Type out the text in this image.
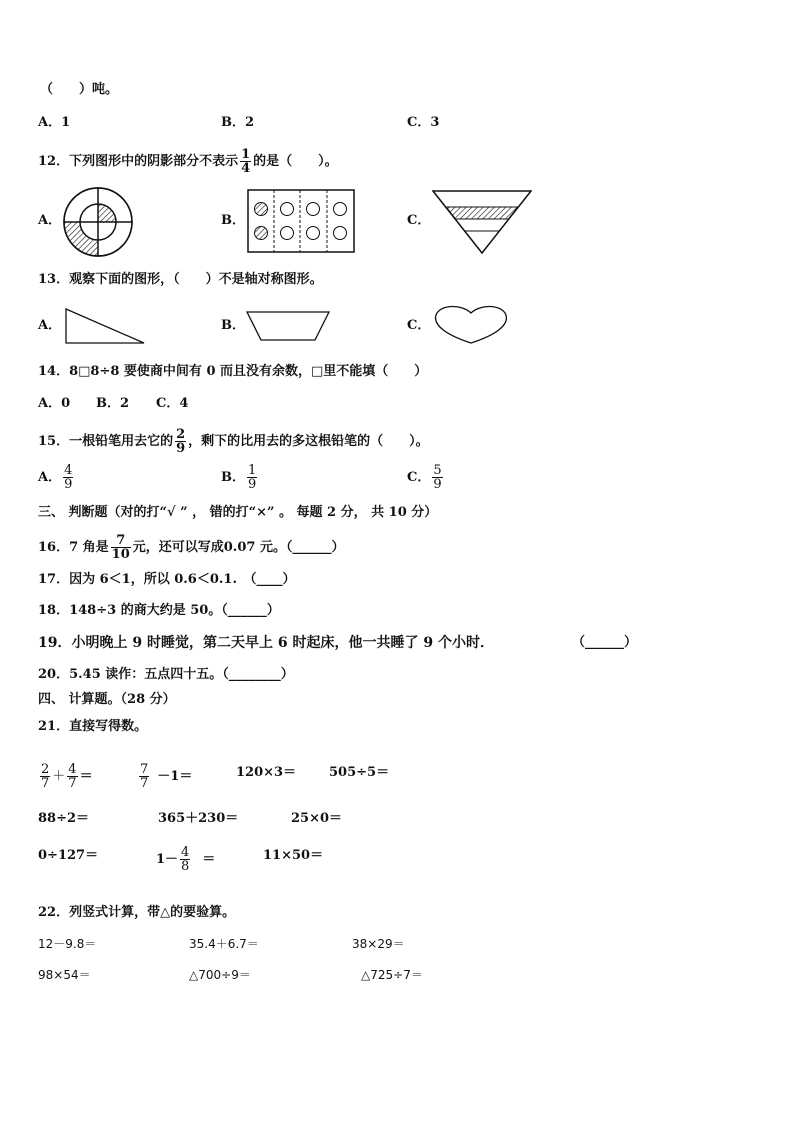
（　　）吨。
A．1	B．2	C．3
12．下列图形中的阴影部分不表示 $\frac{1}{4}$ 的是（　　）。
A．	B．	C．
13．观察下面的图形，（　　）不是轴对称图形。
A．	B．	C．
14．8□8÷8 要使商中间有 0 而且没有余数，□里不能填（　　）
A．0 B．2 C．4
15．一根铅笔用去它的 $\frac{2}{9}$ ，剩下的比用去的多这根铅笔的（　　）。
A． $\frac{4}{9}$	B． $\frac{1}{9}$	C． $\frac{5}{9}$
三、 判断题（对的打“√ ” ， 错的打“×” 。 每题 2 分， 共 10 分）
16．7 角是 $\frac{7}{10}$ 元，还可以写成0.07 元。（______）
17．因为 6＜1，所以 0.6＜0.1.　（____）
18．148÷3 的商大约是 50。（______）
19．小明晚上 9 时睡觉，第二天早上 6 时起床，他一共睡了 9 个小时．	（______）
20．5.45 读作：五点四十五。（________）
四、 计算题。（28 分）
21．直接写得数。
$\frac{2}{7} + \frac{4}{7}$ ＝	$\frac{7}{7} -1=$	120×3＝	505÷5＝
88÷2＝	365＋230＝	25×0＝
0÷127＝	$1- \frac{4}{8}$ ＝	11×50＝
22．列竖式计算，带△的要验算。
12－9.8＝	35.4＋6.7＝	38×29＝
98×54＝	△700÷9＝	△725÷7＝
